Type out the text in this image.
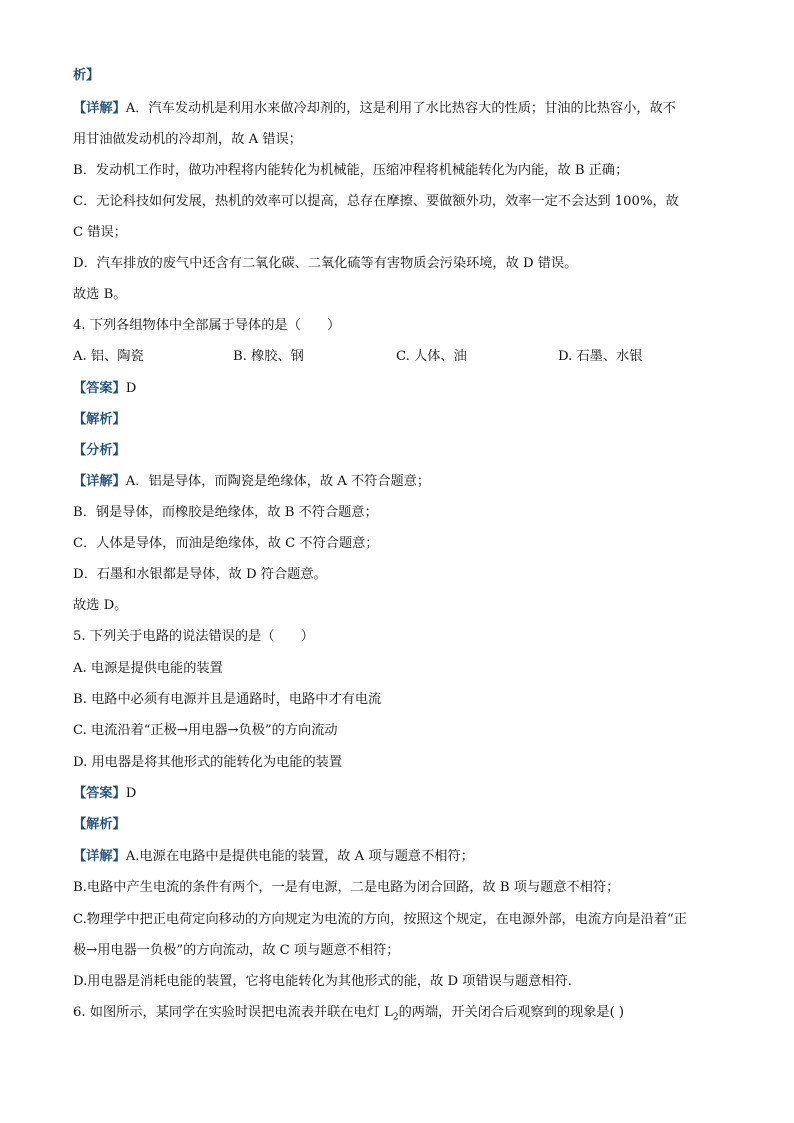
析】
【详解】A．汽车发动机是利用水来做冷却剂的，这是利用了水比热容大的性质；甘油的比热容小，故不
用甘油做发动机的冷却剂，故 A 错误；
B．发动机工作时，做功冲程将内能转化为机械能，压缩冲程将机械能转化为内能，故 B 正确；
C．无论科技如何发展，热机的效率可以提高，总存在摩擦、要做额外功，效率一定不会达到 100%，故
C 错误；
D．汽车排放的废气中还含有二氧化碳、二氧化硫等有害物质会污染环境，故 D 错误。
故选 B。
4. 下列各组物体中全部属于导体的是（　　）
A. 铝、陶瓷	B. 橡胶、钢	C. 人体、油	D. 石墨、水银
【答案】D
【解析】
【分析】
【详解】A．铝是导体，而陶瓷是绝缘体，故 A 不符合题意；
B．钢是导体，而橡胶是绝缘体，故 B 不符合题意；
C．人体是导体，而油是绝缘体，故 C 不符合题意；
D．石墨和水银都是导体，故 D 符合题意。
故选 D。
5. 下列关于电路的说法错误的是（　　）
A. 电源是提供电能的装置
B. 电路中必须有电源并且是通路时，电路中才有电流
C. 电流沿着“正极→用电器→负极”的方向流动
D. 用电器是将其他形式的能转化为电能的装置
【答案】D
【解析】
【详解】A.电源在电路中是提供电能的装置，故 A 项与题意不相符；
B.电路中产生电流的条件有两个，一是有电源，二是电路为闭合回路，故 B 项与题意不相符；
C.物理学中把正电荷定向移动的方向规定为电流的方向，按照这个规定，在电源外部，电流方向是沿着“正
极→用电器一负极”的方向流动，故 C 项与题意不相符；
D.用电器是消耗电能的装置，它将电能转化为其他形式的能，故 D 项错误与题意相符．
6. 如图所示，某同学在实验时误把电流表并联在电灯 $L_2$的两端，开关闭合后观察到的现象是( )
